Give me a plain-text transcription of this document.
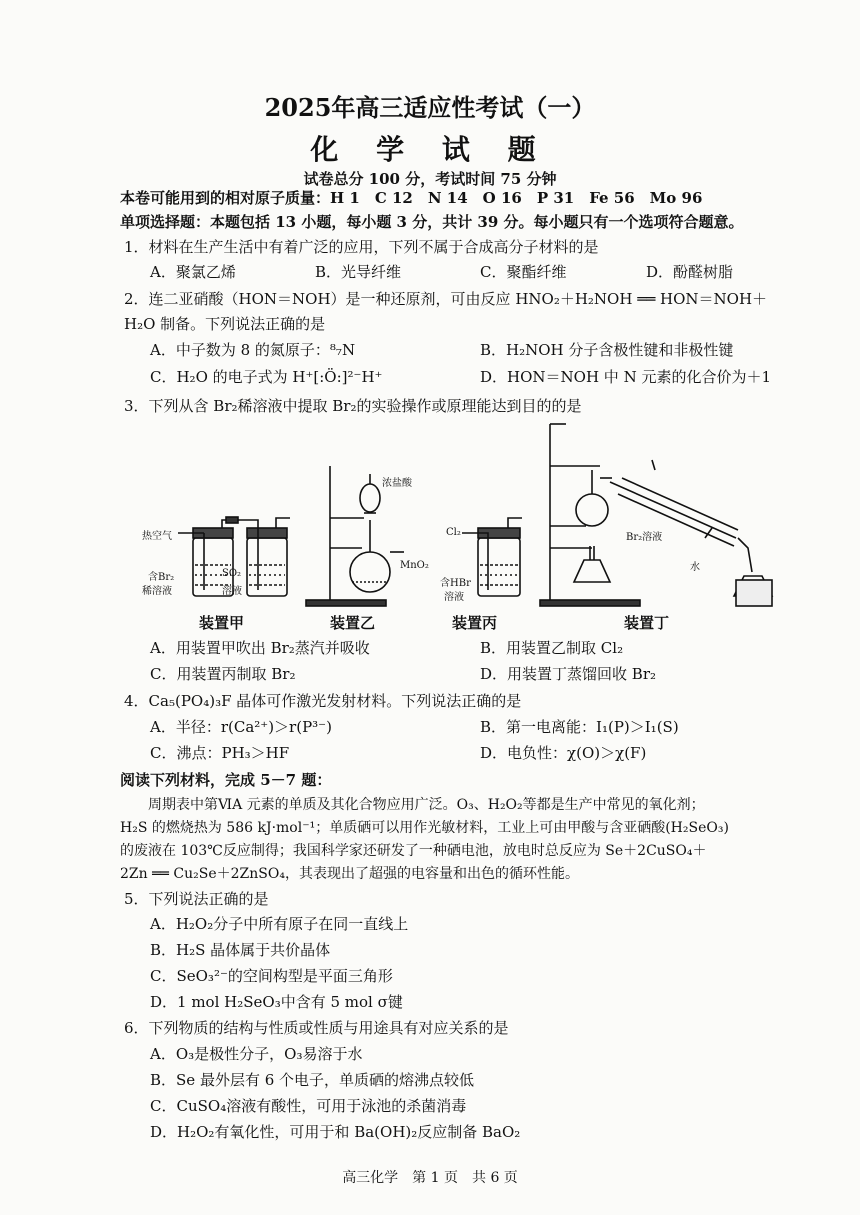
2025年高三适应性考试（一）
化 学 试 题
试卷总分 100 分，考试时间 75 分钟
本卷可能用到的相对原子质量：H 1　C 12　N 14　O 16　P 31　Fe 56　Mo 96
单项选择题：本题包括 13 小题，每小题 3 分，共计 39 分。每小题只有一个选项符合题意。
1．材料在生产生活中有着广泛的应用，下列不属于合成高分子材料的是
A．聚氯乙烯	B．光导纤维	C．聚酯纤维	D．酚醛树脂
2．连二亚硝酸（HON＝NOH）是一种还原剂，可由反应 HNO₂＋H₂NOH ══ HON＝NOH＋
H₂O 制备。下列说法正确的是
A．中子数为 8 的氮原子：⁸₇N	B．H₂NOH 分子含极性键和非极性键
C．H₂O 的电子式为 H⁺[:Ö:]²⁻H⁺	D．HON＝NOH 中 N 元素的化合价为＋1
3．下列从含 Br₂稀溶液中提取 Br₂的实验操作或原理能达到目的的是
热空气
含Br₂
稀溶液
SO₂
溶液
浓盐酸
MnO₂
Cl₂
含HBr
溶液
Br₂溶液
水
装置甲	装置乙	装置丙	装置丁
A．用装置甲吹出 Br₂蒸汽并吸收	B．用装置乙制取 Cl₂
C．用装置丙制取 Br₂	D．用装置丁蒸馏回收 Br₂
4．Ca₅(PO₄)₃F 晶体可作激光发射材料。下列说法正确的是
A．半径：r(Ca²⁺)＞r(P³⁻)	B．第一电离能：I₁(P)＞I₁(S)
C．沸点：PH₃＞HF	D．电负性：χ(O)＞χ(F)
阅读下列材料，完成 5－7 题：
周期表中第ⅥA 元素的单质及其化合物应用广泛。O₃、H₂O₂等都是生产中常见的氧化剂；
H₂S 的燃烧热为 586 kJ·mol⁻¹；单质硒可以用作光敏材料，工业上可由甲酸与含亚硒酸(H₂SeO₃)
的废液在 103℃反应制得；我国科学家还研发了一种硒电池，放电时总反应为 Se＋2CuSO₄＋
2Zn ══ Cu₂Se＋2ZnSO₄，其表现出了超强的电容量和出色的循环性能。
5．下列说法正确的是
A．H₂O₂分子中所有原子在同一直线上
B．H₂S 晶体属于共价晶体
C．SeO₃²⁻的空间构型是平面三角形
D．1 mol H₂SeO₃中含有 5 mol σ键
6．下列物质的结构与性质或性质与用途具有对应关系的是
A．O₃是极性分子，O₃易溶于水
B．Se 最外层有 6 个电子，单质硒的熔沸点较低
C．CuSO₄溶液有酸性，可用于泳池的杀菌消毒
D．H₂O₂有氧化性，可用于和 Ba(OH)₂反应制备 BaO₂
高三化学　第 1 页　共 6 页
